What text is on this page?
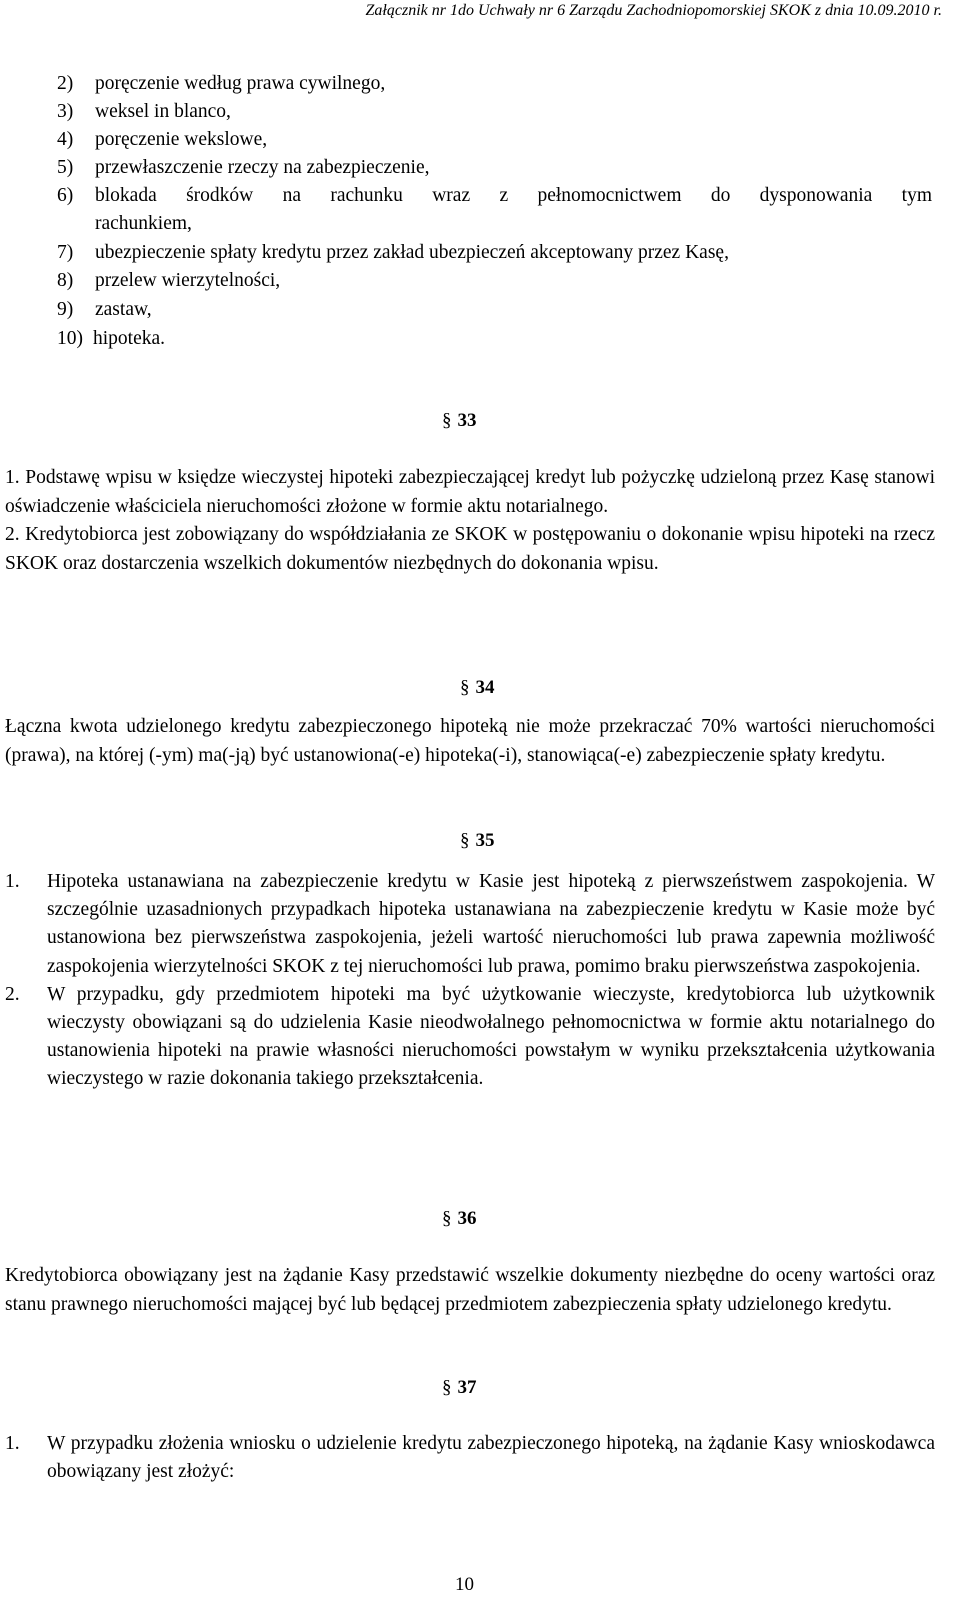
Załącznik nr 1do Uchwały nr 6 Zarządu Zachodniopomorskiej SKOK z dnia 10.09.2010 r.
2) poręczenie według prawa cywilnego,
3) weksel in blanco,
4) poręczenie wekslowe,
5) przewłaszczenie rzeczy na zabezpieczenie,
6)	blokada środków na rachunku wraz z pełnomocnictwem do dysponowania tym
rachunkiem,
7) ubezpieczenie spłaty kredytu przez zakład ubezpieczeń akceptowany przez Kasę,
8) przelew wierzytelności,
9) zastaw,
10) hipoteka.
§ 33

1. Podstawę wpisu w księdze wieczystej hipoteki zabezpieczającej kredyt lub pożyczkę udzieloną przez Kasę stanowi oświadczenie właściciela nieruchomości złożone w formie aktu notarialnego.

2. Kredytobiorca jest zobowiązany do współdziałania ze SKOK w postępowaniu o dokonanie wpisu hipoteki na rzecz SKOK oraz dostarczenia wszelkich dokumentów niezbędnych do dokonania wpisu.

§ 34

Łączna kwota udzielonego kredytu zabezpieczonego hipoteką nie może przekraczać 70% wartości nieruchomości (prawa), na której (-ym) ma(-ją) być ustanowiona(-e) hipoteka(-i), stanowiąca(-e) zabezpieczenie spłaty kredytu.

§ 35
1.	Hipoteka ustanawiana na zabezpieczenie kredytu w Kasie jest hipoteką z pierwszeństwem zaspokojenia. W szczególnie uzasadnionych przypadkach hipoteka ustanawiana na zabezpieczenie kredytu w Kasie może być ustanowiona bez pierwszeństwa zaspokojenia, jeżeli wartość nieruchomości lub prawa zapewnia możliwość zaspokojenia wierzytelności SKOK z tej nieruchomości lub prawa, pomimo braku pierwszeństwa zaspokojenia.
2.	W przypadku, gdy przedmiotem hipoteki ma być użytkowanie wieczyste, kredytobiorca lub użytkownik wieczysty obowiązani są do udzielenia Kasie nieodwołalnego pełnomocnictwa w formie aktu notarialnego do ustanowienia hipoteki na prawie własności nieruchomości powstałym w wyniku przekształcenia użytkowania wieczystego w razie dokonania takiego przekształcenia.
§ 36

Kredytobiorca obowiązany jest na żądanie Kasy przedstawić wszelkie dokumenty niezbędne do oceny wartości oraz stanu prawnego nieruchomości mającej być lub będącej przedmiotem zabezpieczenia spłaty udzielonego kredytu.

§ 37
1.	W przypadku złożenia wniosku o udzielenie kredytu zabezpieczonego hipoteką, na żądanie Kasy wnioskodawca obowiązany jest złożyć:
10
